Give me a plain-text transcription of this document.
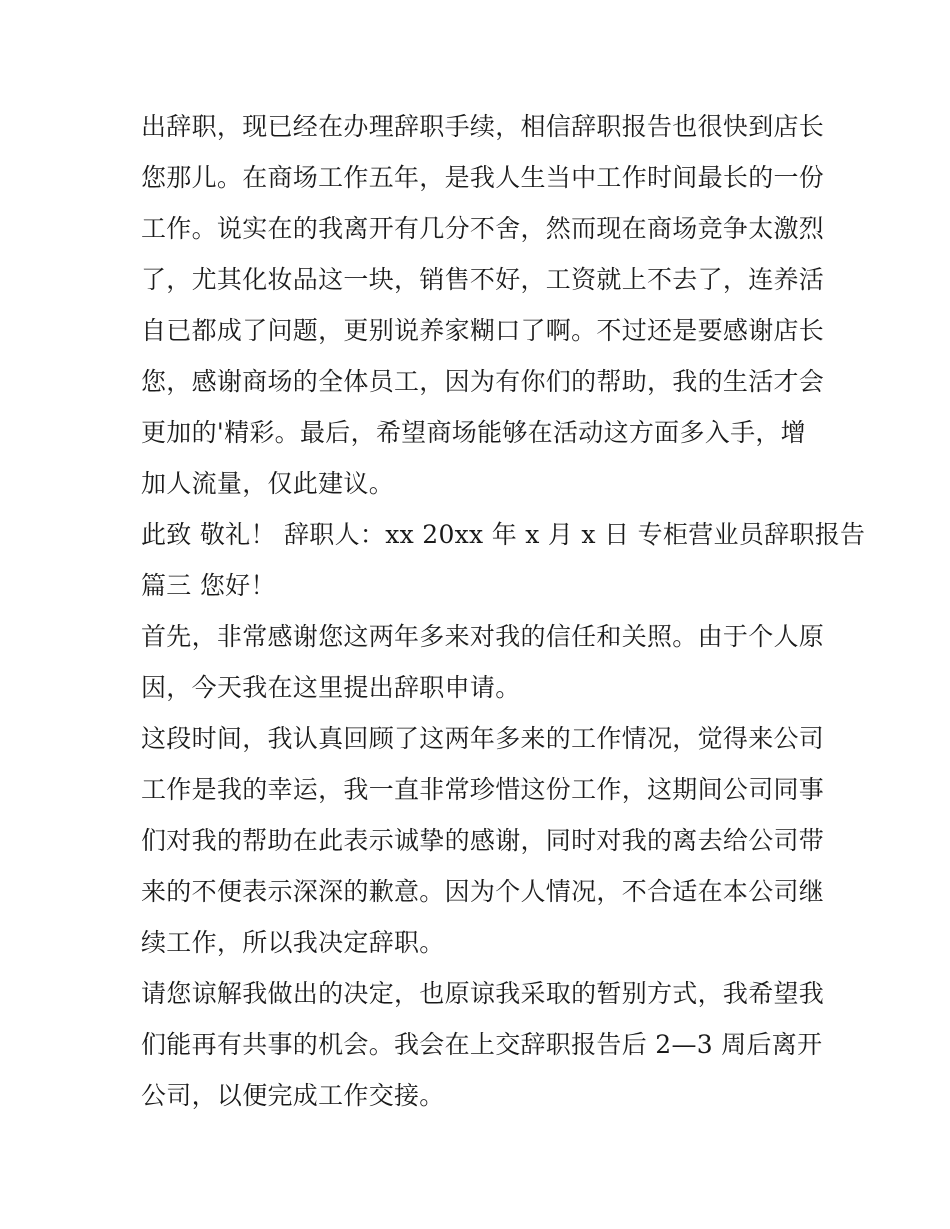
出辞职，现已经在办理辞职手续，相信辞职报告也很快到店长
您那儿。在商场工作五年，是我人生当中工作时间最长的一份
工作。说实在的我离开有几分不舍，然而现在商场竞争太激烈
了，尤其化妆品这一块，销售不好，工资就上不去了，连养活
自已都成了问题，更别说养家糊口了啊。不过还是要感谢店长
您，感谢商场的全体员工，因为有你们的帮助，我的生活才会
更加的'精彩。最后，希望商场能够在活动这方面多入手，增
加人流量，仅此建议。
此致 敬礼！ 辞职人：xx 20xx 年 x 月 x 日 专柜营业员辞职报告
篇三 您好！
首先，非常感谢您这两年多来对我的信任和关照。由于个人原
因，今天我在这里提出辞职申请。
这段时间，我认真回顾了这两年多来的工作情况，觉得来公司
工作是我的幸运，我一直非常珍惜这份工作，这期间公司同事
们对我的帮助在此表示诚挚的感谢，同时对我的离去给公司带
来的不便表示深深的歉意。因为个人情况，不合适在本公司继
续工作，所以我决定辞职。
请您谅解我做出的决定，也原谅我采取的暂别方式，我希望我
们能再有共事的机会。我会在上交辞职报告后 2—3 周后离开
公司，以便完成工作交接。
